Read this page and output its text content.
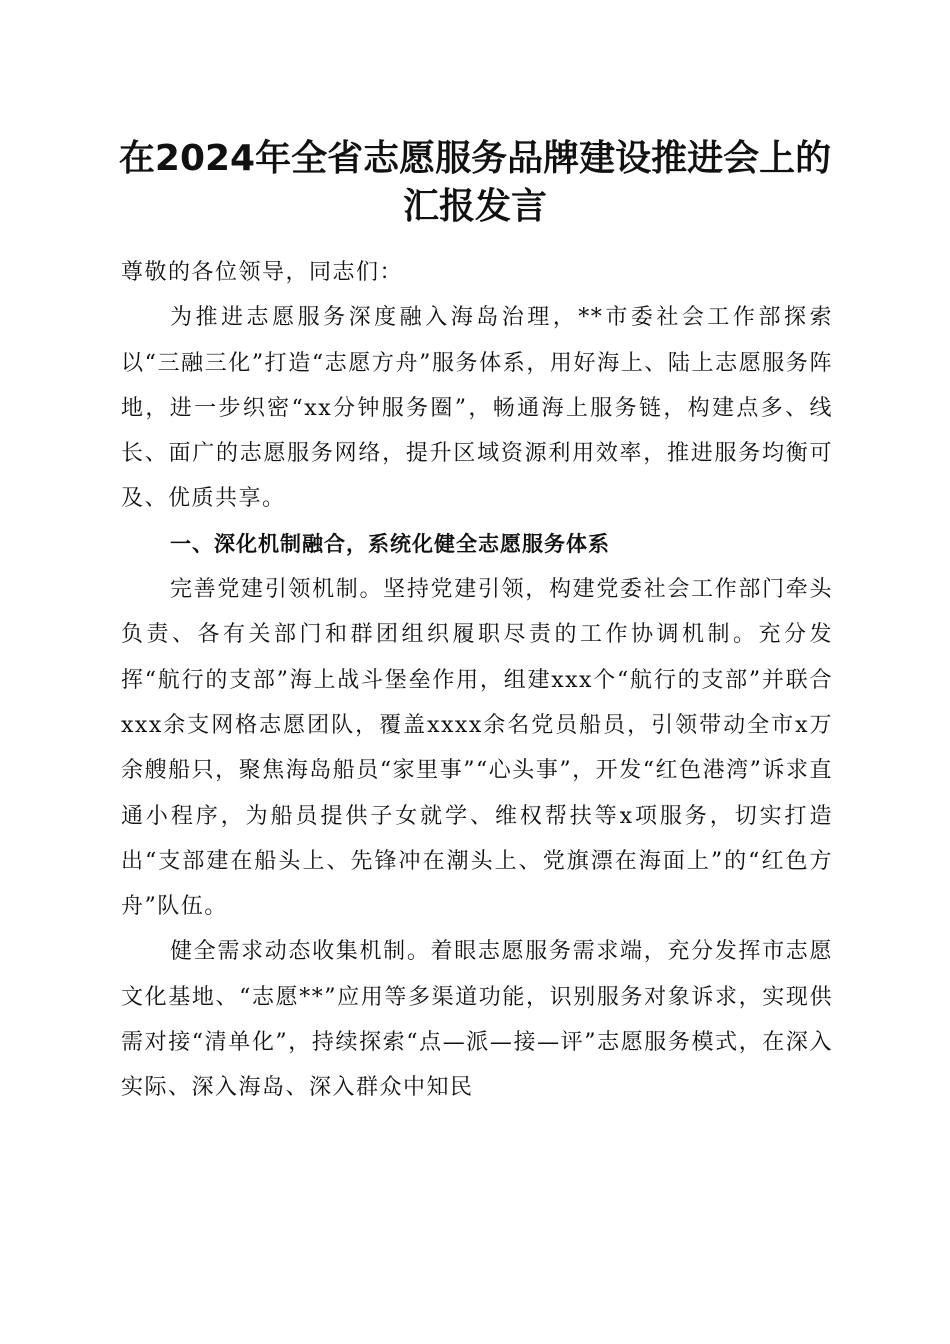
在2024年全省志愿服务品牌建设推进会上的
汇报发言

尊敬的各位领导，同志们：

为推进志愿服务深度融入海岛治理，**市委社会工作部探索以“三融三化”打造“志愿方舟”服务体系，用好海上、陆上志愿服务阵地，进一步织密“xx分钟服务圈”，畅通海上服务链，构建点多、线长、面广的志愿服务网络，提升区域资源利用效率，推进服务均衡可及、优质共享。

一、深化机制融合，系统化健全志愿服务体系

完善党建引领机制。坚持党建引领，构建党委社会工作部门牵头负责、各有关部门和群团组织履职尽责的工作协调机制。充分发挥“航行的支部”海上战斗堡垒作用，组建xxx个“航行的支部”并联合xxx余支网格志愿团队，覆盖xxxx余名党员船员，引领带动全市x万余艘船只，聚焦海岛船员“家里事”“心头事”，开发“红色港湾”诉求直通小程序，为船员提供子女就学、维权帮扶等x项服务，切实打造出“支部建在船头上、先锋冲在潮头上、党旗漂在海面上”的“红色方舟”队伍。

健全需求动态收集机制。着眼志愿服务需求端，充分发挥市志愿文化基地、“志愿**”应用等多渠道功能，识别服务对象诉求，实现供需对接“清单化”，持续探索“点—派—接—评”志愿服务模式，在深入实际、深入海岛、深入群众中知民
